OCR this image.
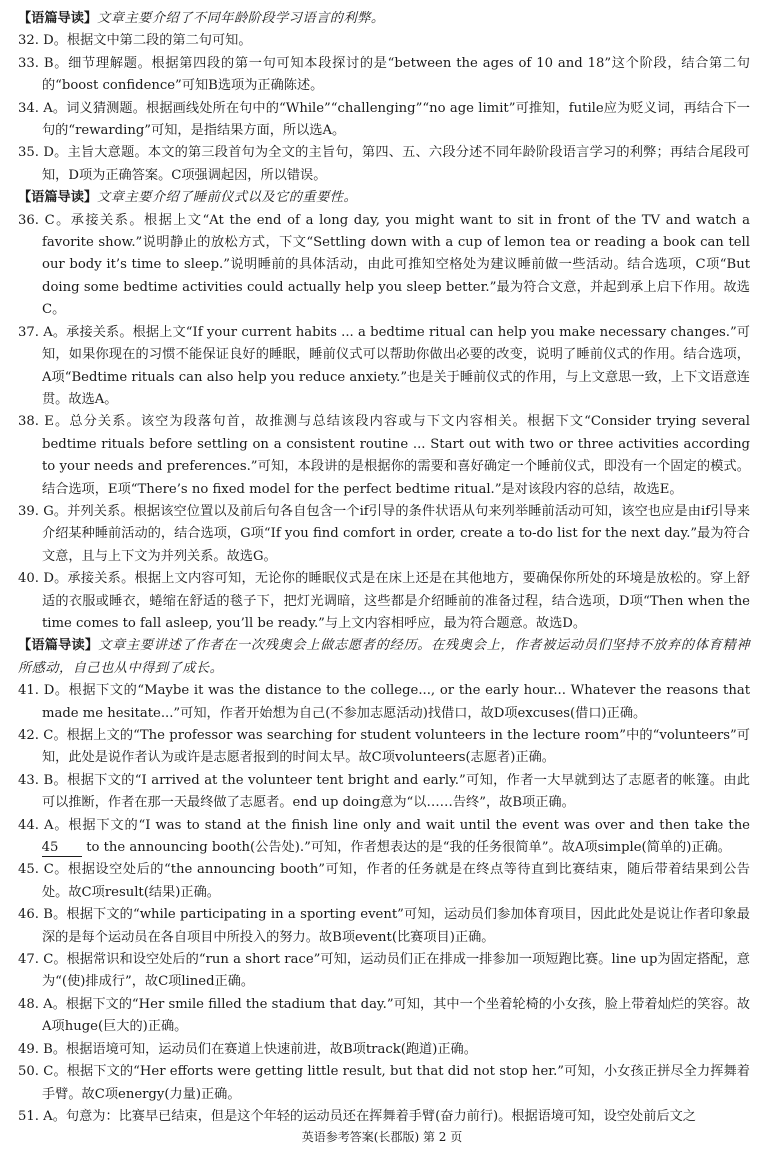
【语篇导读】文章主要介绍了不同年龄阶段学习语言的利弊。

32. D。根据文中第二段的第二句可知。

33. B。细节理解题。根据第四段的第一句可知本段探讨的是“between the ages of 10 and 18”这个阶段，结合第二句的“boost confidence”可知B选项为正确陈述。

34. A。词义猜测题。根据画线处所在句中的“While”“challenging”“no age limit”可推知，futile应为贬义词，再结合下一句的“rewarding”可知，是指结果方面，所以选A。

35. D。主旨大意题。本文的第三段首句为全文的主旨句，第四、五、六段分述不同年龄阶段语言学习的利弊；再结合尾段可知，D项为正确答案。C项强调起因，所以错误。

【语篇导读】文章主要介绍了睡前仪式以及它的重要性。

36. C。承接关系。根据上文“At the end of a long day, you might want to sit in front of the TV and watch a favorite show.”说明静止的放松方式，下文“Settling down with a cup of lemon tea or reading a book can tell our body it’s time to sleep.”说明睡前的具体活动，由此可推知空格处为建议睡前做一些活动。结合选项，C项“But doing some bedtime activities could actually help you sleep better.”最为符合文意，并起到承上启下作用。故选C。

37. A。承接关系。根据上文“If your current habits ... a bedtime ritual can help you make necessary changes.”可知，如果你现在的习惯不能保证良好的睡眠，睡前仪式可以帮助你做出必要的改变，说明了睡前仪式的作用。结合选项，A项“Bedtime rituals can also help you reduce anxiety.”也是关于睡前仪式的作用，与上文意思一致，上下文语意连贯。故选A。

38. E。总分关系。该空为段落句首，故推测与总结该段内容或与下文内容相关。根据下文“Consider trying several bedtime rituals before settling on a consistent routine ... Start out with two or three activities according to your needs and preferences.”可知，本段讲的是根据你的需要和喜好确定一个睡前仪式，即没有一个固定的模式。结合选项，E项“There’s no fixed model for the perfect bedtime ritual.”是对该段内容的总结，故选E。

39. G。并列关系。根据该空位置以及前后句各自包含一个if引导的条件状语从句来列举睡前活动可知，该空也应是由if引导来介绍某种睡前活动的，结合选项，G项“If you find comfort in order, create a to-do list for the next day.”最为符合文意，且与上下文为并列关系。故选G。

40. D。承接关系。根据上文内容可知，无论你的睡眠仪式是在床上还是在其他地方，要确保你所处的环境是放松的。穿上舒适的衣服或睡衣，蜷缩在舒适的毯子下，把灯光调暗，这些都是介绍睡前的准备过程，结合选项，D项“Then when the time comes to fall asleep, you’ll be ready.”与上文内容相呼应，最为符合题意。故选D。

【语篇导读】文章主要讲述了作者在一次残奥会上做志愿者的经历。在残奥会上，作者被运动员们坚持不放弃的体育精神所感动，自己也从中得到了成长。

41. D。根据下文的“Maybe it was the distance to the college..., or the early hour... Whatever the reasons that made me hesitate...”可知，作者开始想为自己(不参加志愿活动)找借口，故D项excuses(借口)正确。

42. C。根据上文的“The professor was searching for student volunteers in the lecture room”中的“volunteers”可知，此处是说作者认为或许是志愿者报到的时间太早。故C项volunteers(志愿者)正确。

43. B。根据下文的“I arrived at the volunteer tent bright and early.”可知，作者一大早就到达了志愿者的帐篷。由此可以推断，作者在那一天最终做了志愿者。end up doing意为“以……告终”，故B项正确。

44. A。根据下文的“I was to stand at the finish line only and wait until the event was over and then take the 45 to the announcing booth(公告处).”可知，作者想表达的是“我的任务很简单”。故A项simple(简单的)正确。

45. C。根据设空处后的“the announcing booth”可知，作者的任务就是在终点等待直到比赛结束，随后带着结果到公告处。故C项result(结果)正确。

46. B。根据下文的“while participating in a sporting event”可知，运动员们参加体育项目，因此此处是说让作者印象最深的是每个运动员在各自项目中所投入的努力。故B项event(比赛项目)正确。

47. C。根据常识和设空处后的“run a short race”可知，运动员们正在排成一排参加一项短跑比赛。line up为固定搭配，意为“(使)排成行”，故C项lined正确。

48. A。根据下文的“Her smile filled the stadium that day.”可知，其中一个坐着轮椅的小女孩，脸上带着灿烂的笑容。故A项huge(巨大的)正确。

49. B。根据语境可知，运动员们在赛道上快速前进，故B项track(跑道)正确。

50. C。根据下文的“Her efforts were getting little result, but that did not stop her.”可知，小女孩正拼尽全力挥舞着手臂。故C项energy(力量)正确。

51. A。句意为：比赛早已结束，但是这个年轻的运动员还在挥舞着手臂(奋力前行)。根据语境可知，设空处前后文之

英语参考答案(长郡版) 第 2 页
